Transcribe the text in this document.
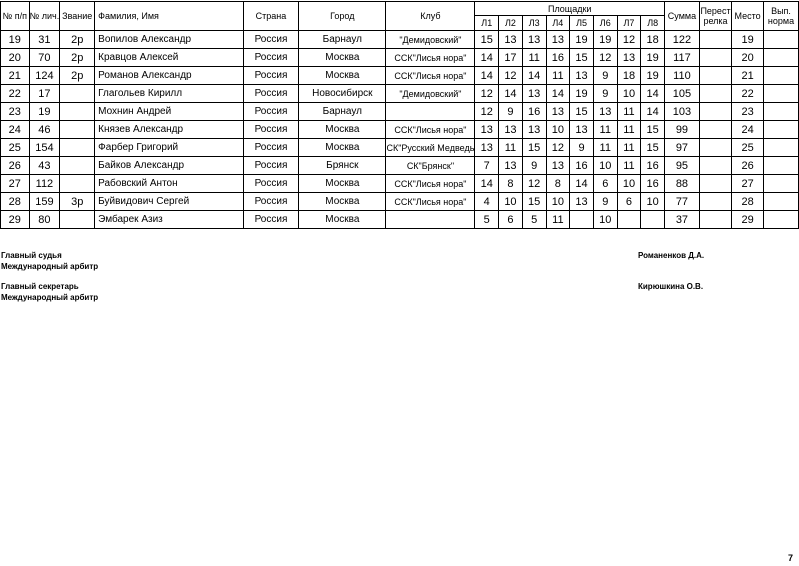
№ п/п	№ лич.	Звание	Фамилия, Имя	Страна	Город	Клуб	Площадки								Сумма	Перестрелка	Место	Вып. норма
							Л1	Л2	Л3	Л4	Л5	Л6	Л7	Л8				
19	31	2р	Вопилов Александр	Россия	Барнаул	"Демидовский"	15	13	13	13	19	19	12	18	122		19	
20	70	2р	Кравцов Алексей	Россия	Москва	ССК"Лисья нора"	14	17	11	16	15	12	13	19	117		20	
21	124	2р	Романов Александр	Россия	Москва	ССК"Лисья нора"	14	12	14	11	13	9	18	19	110		21	
22	17		Глагольев Кирилл	Россия	Новосибирск	"Демидовский"	12	14	13	14	19	9	10	14	105		22	
23	19		Мохнин Андрей	Россия	Барнаул		12	9	16	13	15	13	11	14	103		23	
24	46		Князев Александр	Россия	Москва	ССК"Лисья нора"	13	13	13	10	13	11	11	15	99		24	
25	154		Фарбер Григорий	Россия	Москва	СК"Русский Медведь	13	11	15	12	9	11	11	15	97		25	
26	43		Байков Александр	Россия	Брянск	СК"Брянск"	7	13	9	13	16	10	11	16	95		26	
27	112		Рабовский Антон	Россия	Москва	ССК"Лисья нора"	14	8	12	8	14	6	10	16	88		27	
28	159	3р	Буйвидович Сергей	Россия	Москва	ССК"Лисья нора"	4	10	15	10	13	9	6	10	77		28	
29	80		Эмбарек Азиз	Россия	Москва		5	6	5	11		10			37		29	
Главный судья
Международный арбитр
Романенков Д.А.
Главный секретарь
Международный арбитр
Кирюшкина О.В.
7
